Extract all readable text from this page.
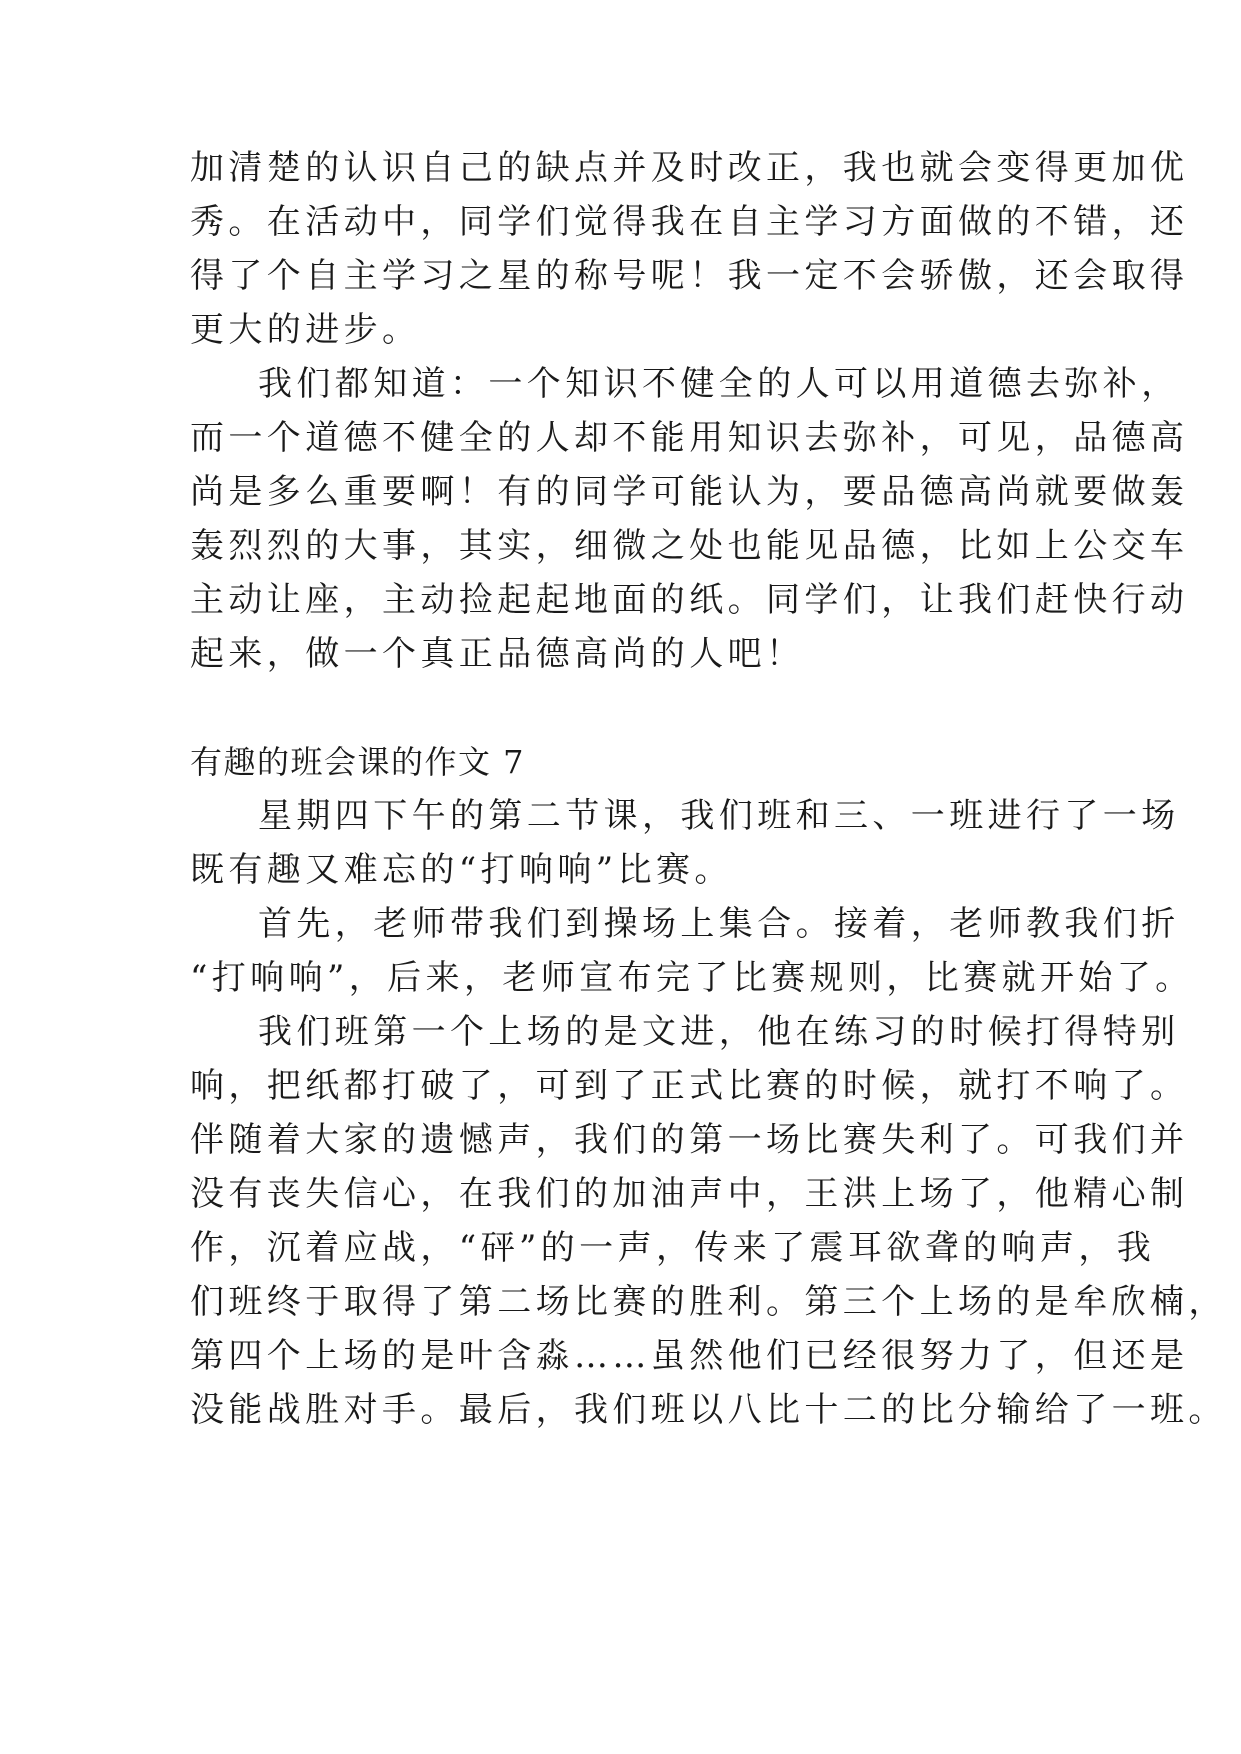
加清楚的认识自己的缺点并及时改正，我也就会变得更加优
秀。在活动中，同学们觉得我在自主学习方面做的不错，还
得了个自主学习之星的称号呢！我一定不会骄傲，还会取得
更大的进步。
我们都知道：一个知识不健全的人可以用道德去弥补，
而一个道德不健全的人却不能用知识去弥补，可见，品德高
尚是多么重要啊！有的同学可能认为，要品德高尚就要做轰
轰烈烈的大事，其实，细微之处也能见品德，比如上公交车
主动让座，主动捡起起地面的纸。同学们，让我们赶快行动
起来，做一个真正品德高尚的人吧！
有趣的班会课的作文 7
星期四下午的第二节课，我们班和三、一班进行了一场
既有趣又难忘的“打响响”比赛。
首先，老师带我们到操场上集合。接着，老师教我们折
“打响响”，后来，老师宣布完了比赛规则，比赛就开始了。
我们班第一个上场的是文进，他在练习的时候打得特别
响，把纸都打破了，可到了正式比赛的时候，就打不响了。
伴随着大家的遗憾声，我们的第一场比赛失利了。可我们并
没有丧失信心，在我们的加油声中，王洪上场了，他精心制
作，沉着应战，“砰”的一声，传来了震耳欲聋的响声，我
们班终于取得了第二场比赛的胜利。第三个上场的是牟欣楠，
第四个上场的是叶含淼……虽然他们已经很努力了，但还是
没能战胜对手。最后，我们班以八比十二的比分输给了一班。
